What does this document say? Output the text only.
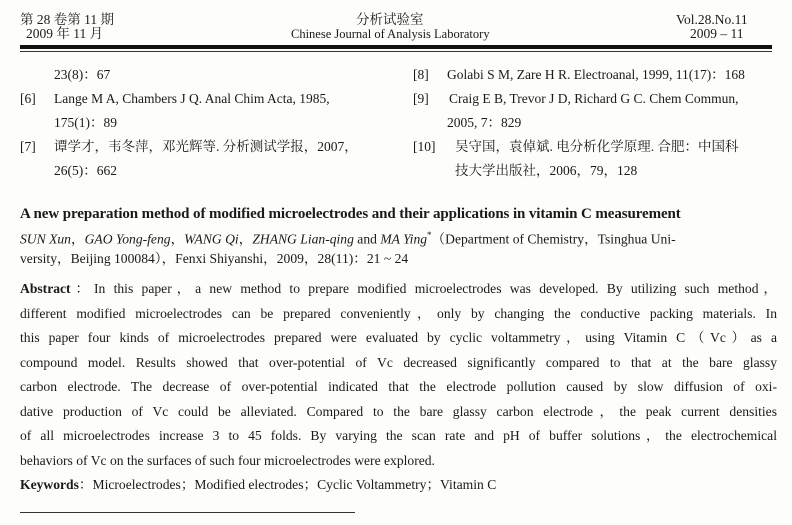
第 28 卷第 11 期
2009 年 11 月
分析试验室
Chinese Journal of Analysis Laboratory
Vol.28.No.11
2009 – 11
23(8)：67
[6] Lange M A, Chambers J Q. Anal Chim Acta, 1985,
175(1)：89
[7] 谭学才，韦冬萍，邓光辉等. 分析测试学报，2007，
26(5)：662
[8] Golabi S M, Zare H R. Electroanal, 1999, 11(17)：168
[9] Craig E B, Trevor J D, Richard G C. Chem Commun,
2005, 7：829
[10] 吴守国，袁倬斌. 电分析化学原理. 合肥：中国科
技大学出版社，2006，79，128
A new preparation method of modified microelectrodes and their applications in vitamin C measurement
SUN Xun，GAO Yong-feng，WANG Qi，ZHANG Lian-qing and MA Ying*（Department of Chemistry，Tsinghua Uni-
versity，Beijing 100084），Fenxi Shiyanshi，2009，28(11)：21 ~ 24
Abstract：In this paper，a new method to prepare modified microelectrodes was developed. By utilizing such method，
different modified microelectrodes can be prepared conveniently，only by changing the conductive packing materials. In
this paper four kinds of microelectrodes prepared were evaluated by cyclic voltammetry，using Vitamin C（Vc）as a
compound model. Results showed that over-potential of Vc decreased significantly compared to that at the bare glassy
carbon electrode. The decrease of over-potential indicated that the electrode pollution caused by slow diffusion of oxi-
dative production of Vc could be alleviated. Compared to the bare glassy carbon electrode，the peak current densities
of all microelectrodes increase 3 to 45 folds. By varying the scan rate and pH of buffer solutions，the electrochemical
behaviors of Vc on the surfaces of such four microelectrodes were explored.
Keywords：Microelectrodes；Modified electrodes；Cyclic Voltammetry；Vitamin C
